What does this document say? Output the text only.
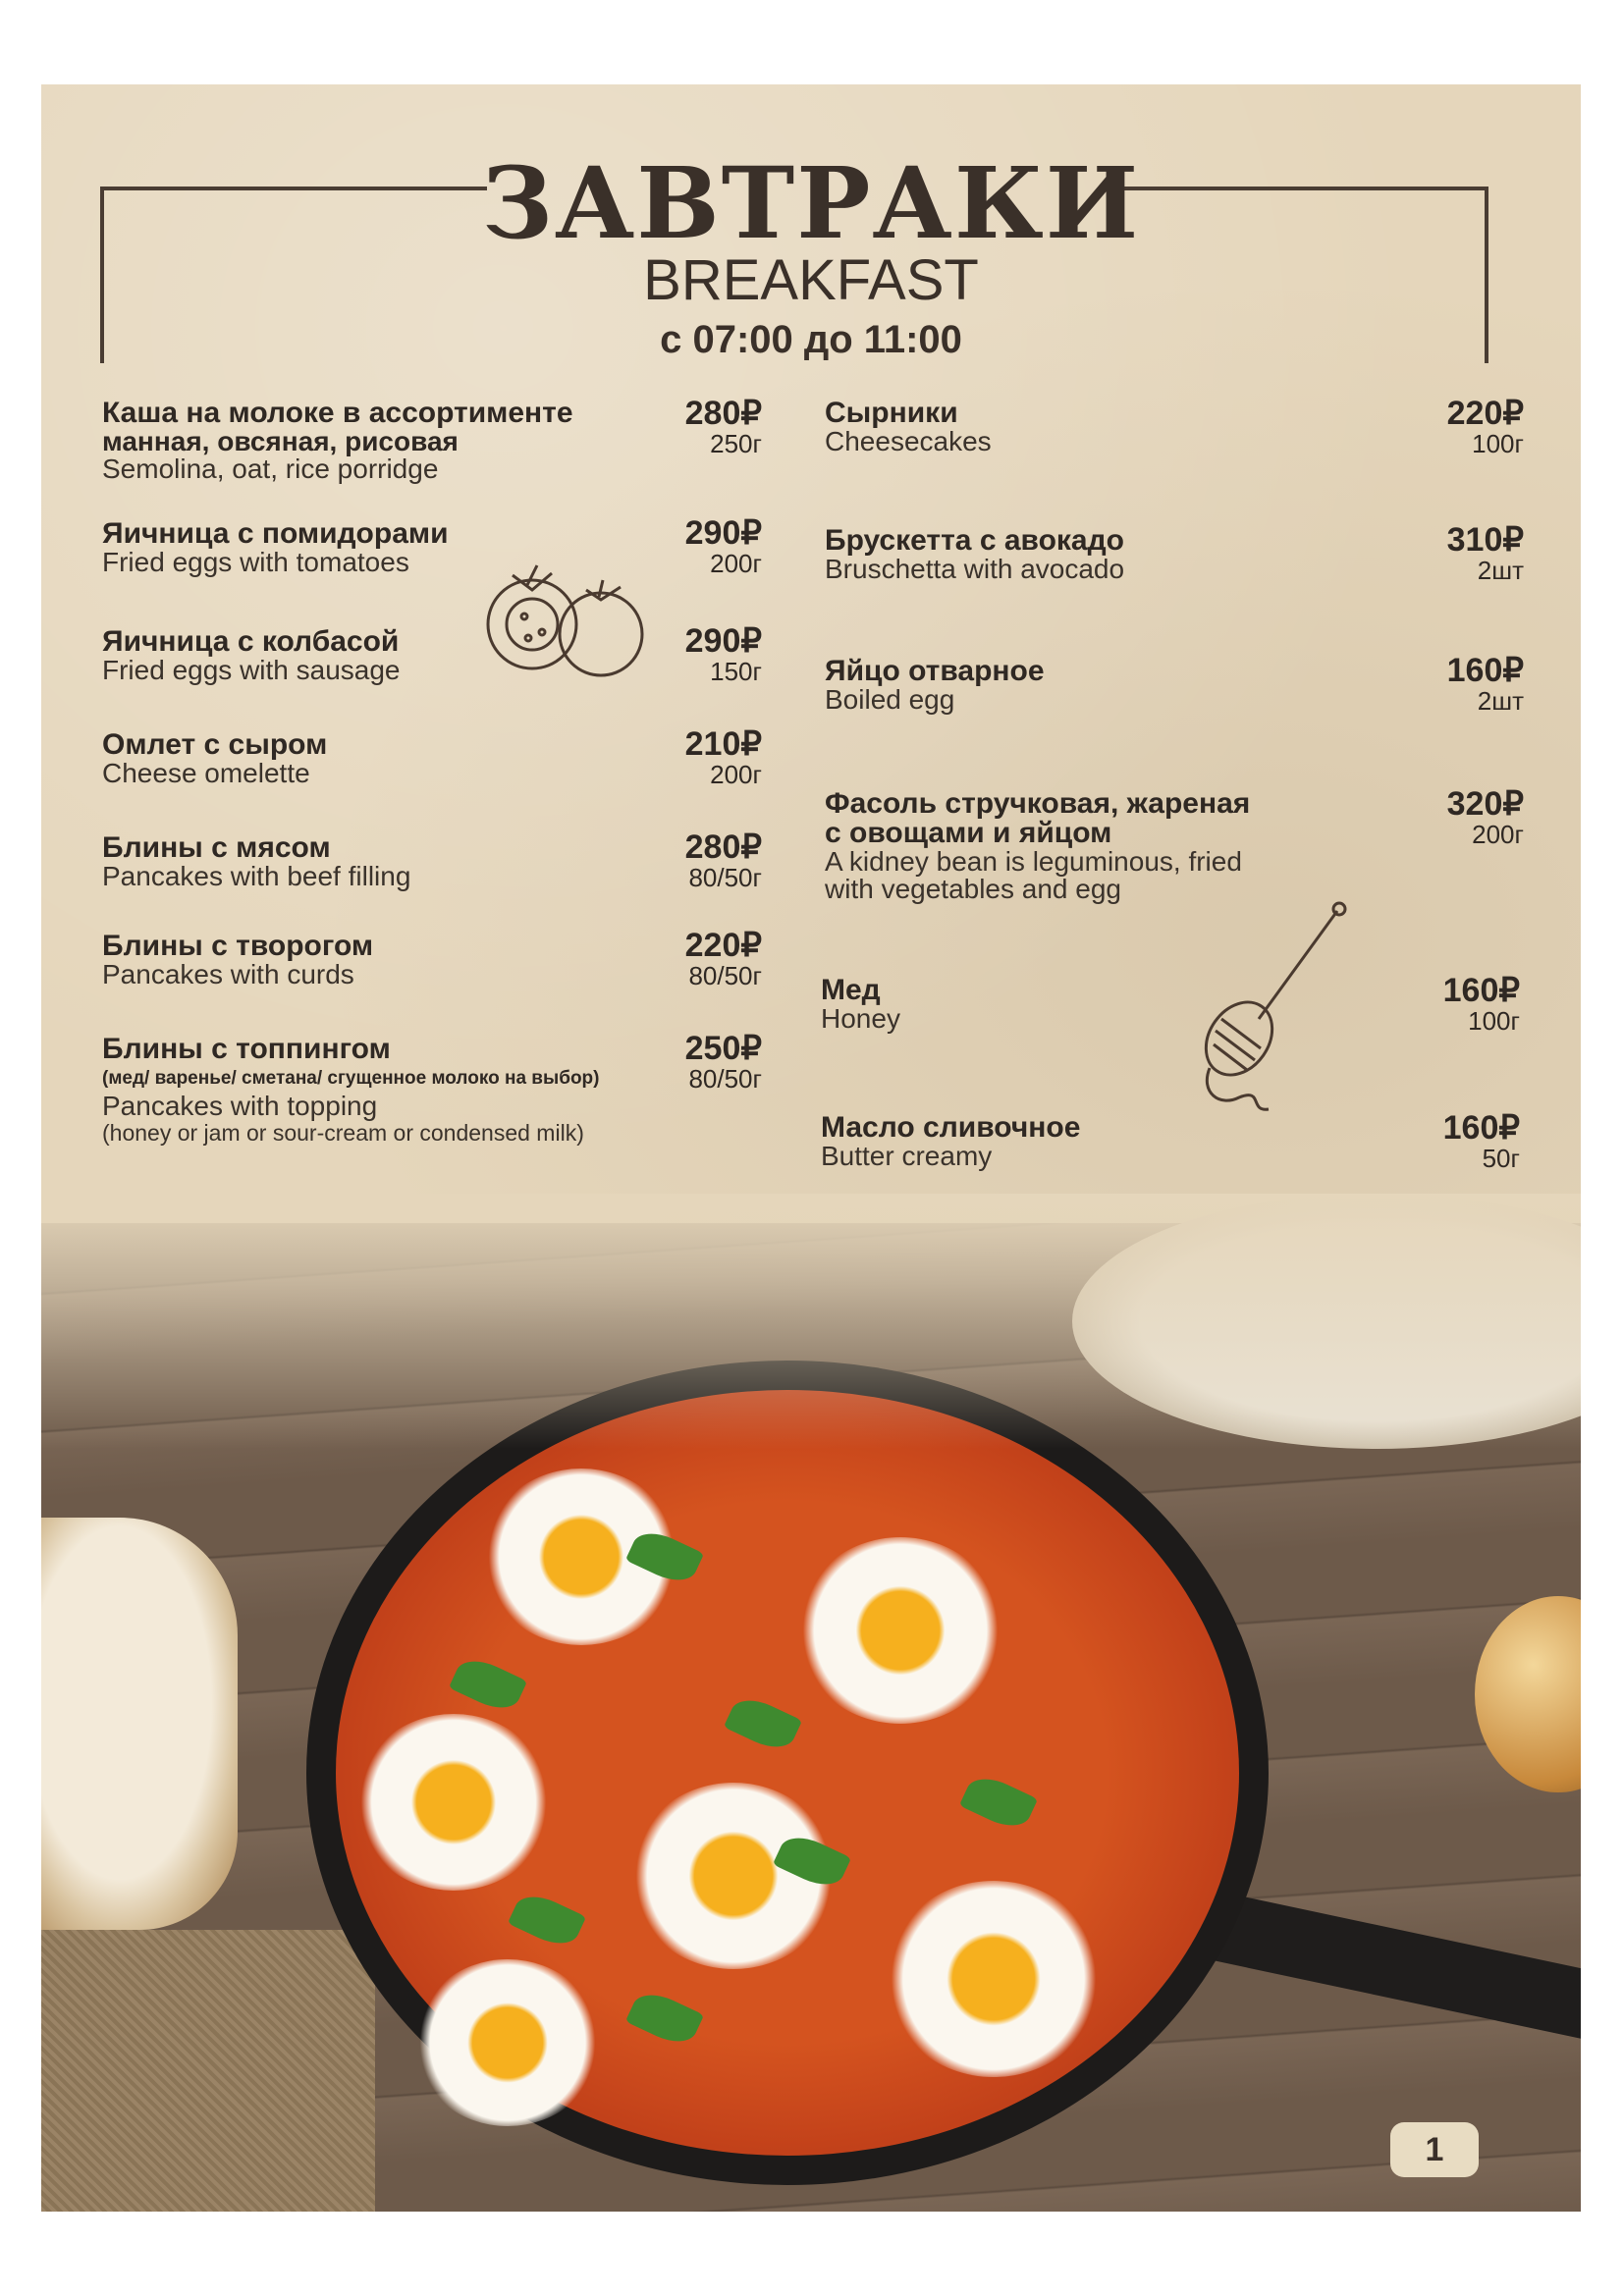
ЗАВТРАКИ
BREAKFAST
с 07:00 до 11:00
Каша на молоке в ассортименте
манная, овсяная, рисовая
Semolina, oat, rice porridge
280₽
250г
Яичница с помидорами
Fried eggs with tomatoes
290₽
200г
Яичница с колбасой
Fried eggs with sausage
290₽
150г
Омлет с сыром
Cheese omelette
210₽
200г
Блины с мясом
Pancakes with beef filling
280₽
80/50г
Блины с творогом
Pancakes with curds
220₽
80/50г
Блины с топпингом
(мед/ варенье/ сметана/ сгущенное молоко на выбор)
Pancakes with topping
(honey or jam or sour-cream or condensed milk)
250₽
80/50г
Сырники
Cheesecakes
220₽
100г
Брускетта с авокадо
Bruschetta with avocado
310₽
2шт
Яйцо отварное
Boiled egg
160₽
2шт
Фасоль стручковая, жареная
с овощами и яйцом
A kidney bean is leguminous, fried
with vegetables and egg
320₽
200г
Мед
Honey
160₽
100г
Масло сливочное
Butter creamy
160₽
50г
1
